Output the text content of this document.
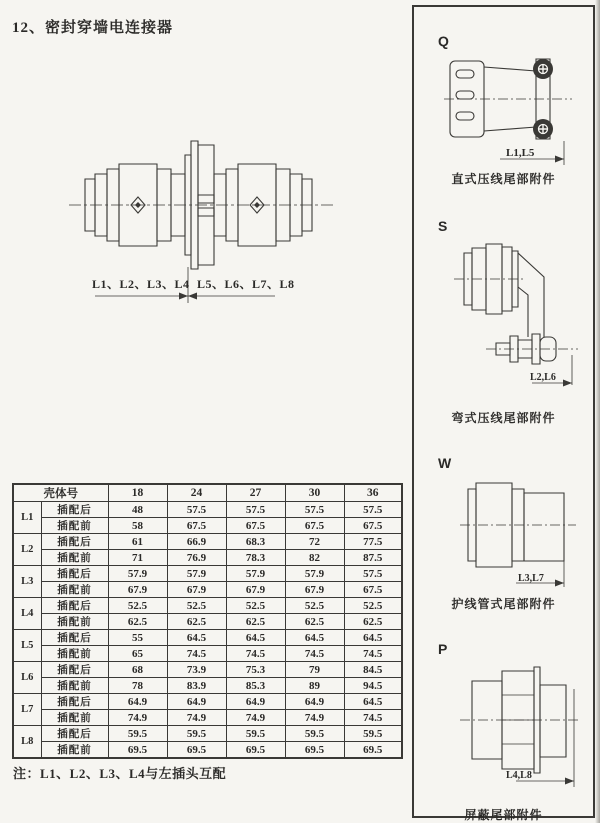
12、密封穿墙电连接器
L1、L2、L3、L4 L5、L6、L7、L8
壳体号		18	24	27	30	36
L1	插配后	48	57.5	57.5	57.5	57.5
	插配前	58	67.5	67.5	67.5	67.5
L2	插配后	61	66.9	68.3	72	77.5
	插配前	71	76.9	78.3	82	87.5
L3	插配后	57.9	57.9	57.9	57.9	57.5
	插配前	67.9	67.9	67.9	67.9	67.5
L4	插配后	52.5	52.5	52.5	52.5	52.5
	插配前	62.5	62.5	62.5	62.5	62.5
L5	插配后	55	64.5	64.5	64.5	64.5
	插配前	65	74.5	74.5	74.5	74.5
L6	插配后	68	73.9	75.3	79	84.5
	插配前	78	83.9	85.3	89	94.5
L7	插配后	64.9	64.9	64.9	64.9	64.5
	插配前	74.9	74.9	74.9	74.9	74.5
L8	插配后	59.5	59.5	59.5	59.5	59.5
	插配前	69.5	69.5	69.5	69.5	69.5
注：L1、L2、L3、L4与左插头互配
Q
L1,L5
直式压线尾部附件
S
L2,L6
弯式压线尾部附件
W
L3,L7
护线管式尾部附件
P
L4,L8
屏蔽尾部附件
